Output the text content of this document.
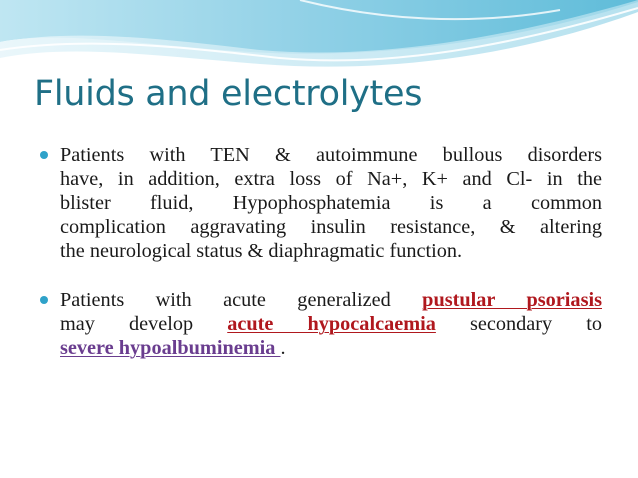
Fluids and electrolytes
Patients with TEN & autoimmune bullous disorders
have, in addition, extra loss of Na+, K+ and Cl- in the
blister fluid, Hypophosphatemia is a common
complication aggravating insulin resistance, & altering
the neurological status & diaphragmatic function.
Patients with acute generalized pustular psoriasis
may develop acute hypocalcaemia secondary to
severe hypoalbuminemia .
